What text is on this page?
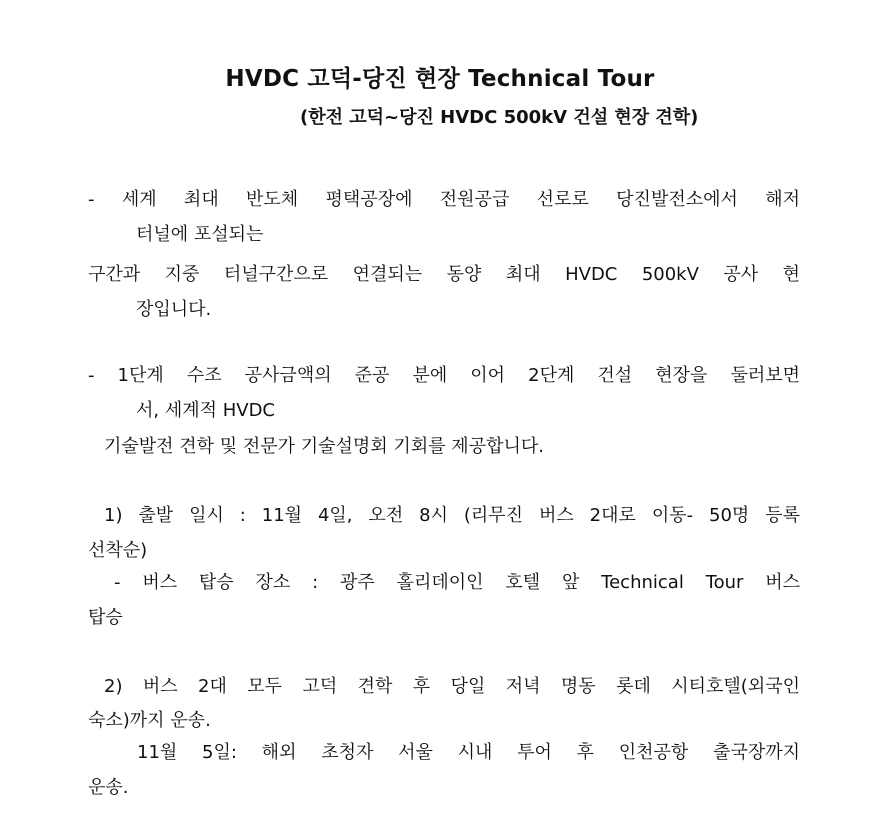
HVDC 고덕-당진 현장 Technical Tour
(한전 고덕~당진 HVDC 500kV 건설 현장 견학)
- 세계 최대 반도체 평택공장에 전원공급 선로로 당진발전소에서 해저
터널에 포설되는
구간과 지중 터널구간으로 연결되는 동양 최대 HVDC 500kV 공사 현
장입니다.
- 1단계 수조 공사금액의 준공 분에 이어 2단계 건설 현장을 둘러보면
서, 세계적 HVDC
기술발전 견학 및 전문가 기술설명회 기회를 제공합니다.
1) 출발 일시 : 11월 4일, 오전 8시 (리무진 버스 2대로 이동- 50명 등록
선착순)
- 버스 탑승 장소 : 광주 홀리데이인 호텔 앞 Technical Tour 버스
탑승
2) 버스 2대 모두 고덕 견학 후 당일 저녁 명동 롯데 시티호텔(외국인
숙소)까지 운송.
11월 5일: 해외 초청자 서울 시내 투어 후 인천공항 출국장까지
운송.
